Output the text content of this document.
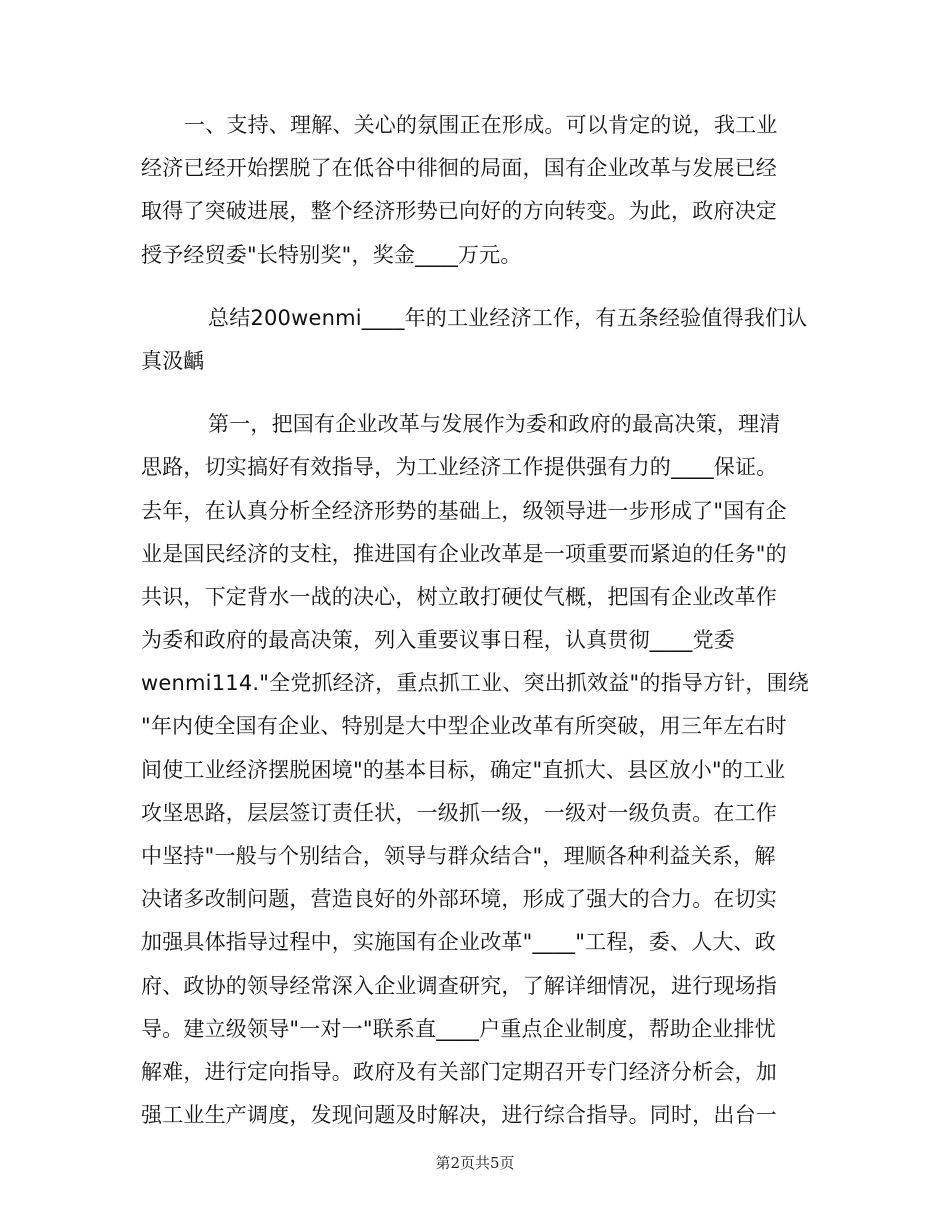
一、支持、理解、关心的氛围正在形成。可以肯定的说，我工业
经济已经开始摆脱了在低谷中徘徊的局面，国有企业改革与发展已经
取得了突破进展，整个经济形势已向好的方向转变。为此，政府决定
授予经贸委"长特别奖"，奖金____万元。
总结200wenmi____年的工业经济工作，有五条经验值得我们认
真汲齲
第一，把国有企业改革与发展作为委和政府的最高决策，理清
思路，切实搞好有效指导，为工业经济工作提供强有力的____保证。
去年，在认真分析全经济形势的基础上，级领导进一步形成了"国有企
业是国民经济的支柱，推进国有企业改革是一项重要而紧迫的任务"的
共识，下定背水一战的决心，树立敢打硬仗气概，把国有企业改革作
为委和政府的最高决策，列入重要议事日程，认真贯彻____党委
wenmi114."全党抓经济，重点抓工业、突出抓效益"的指导方针，围绕
"年内使全国有企业、特别是大中型企业改革有所突破，用三年左右时
间使工业经济摆脱困境"的基本目标，确定"直抓大、县区放小"的工业
攻坚思路，层层签订责任状，一级抓一级，一级对一级负责。在工作
中坚持"一般与个别结合，领导与群众结合"，理顺各种利益关系，解
决诸多改制问题，营造良好的外部环境，形成了强大的合力。在切实
加强具体指导过程中，实施国有企业改革"____"工程，委、人大、政
府、政协的领导经常深入企业调查研究，了解详细情况，进行现场指
导。建立级领导"一对一"联系直____户重点企业制度，帮助企业排忧
解难，进行定向指导。政府及有关部门定期召开专门经济分析会，加
强工业生产调度，发现问题及时解决，进行综合指导。同时，出台一
第2页共5页
